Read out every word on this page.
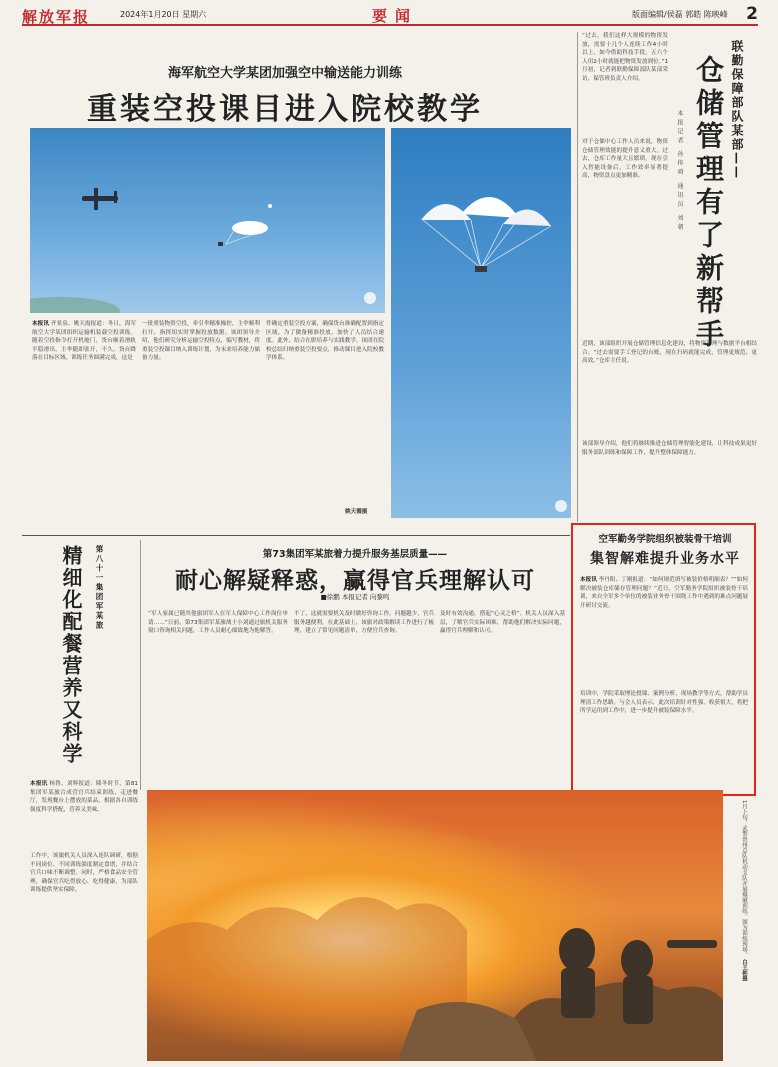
解放军报	2024年1月20日 星期六	要闻	版面编辑/侯磊 郭皓 陈映峰 2
海军航空大学某团加强空中输送能力训练
重装空投课目进入院校教学
本报讯 齐景泉、姚天霞报道：冬日，海军航空大学某团组织运输机装载空投训练。随着空投指令打开机舱门，货台顺着滑轨平稳滑出，主伞随即张开，不久，货台降落在目标区域。训练任务圆满完成，这是
一批重装物资空投，牵引伞精准操控，主伞顺利打开，指挥组实时掌握投放数据。该团领导介绍，他们研究分析运输空投特点，编写教材，将重装空投课目纳入训练计划，为未来培养能力储备力量。
件确定重装空投方案，确保货台准确配置到指定区域。为了做备精准投放，加快了人员结合速度。此外，结合在职培养与实践教学，该团在院校总结归纳重装空投要点，推动课目进入院校教学体系。
姚天霞摄
“过去，我们这样大规模的物资发放，需要十几个人连续工作4小时以上，如今借助科技手段，五六个人用2小时就能把物资发放到位。”1月初，记者到联勤保障部队某部采访，保管班负责人介绍。
对于仓储中心工作人员来说，物资仓储管理效能的提升意义重大。过去，仓库工作量大且繁琐，现在引入智能设备后，工作效率显著提高，物资盘点更加精准。	联勤保障部队某部——
仓储管理有了新帮手
本报记者 孙传舜 通讯员 刘朝
近期，该部组织开展仓储管理信息化建设，将物资管理与数据平台相结合。“过去需要手工登记的台账，现在扫码就能完成，管理更规范、更高效。”仓库主任说。
该部领导介绍，他们将继续推进仓储管理智能化建设，让科技成果更好服务部队训练和保障工作，提升整体保障能力。
空军勤务学院组织被装骨干培训
集智解难提升业务水平
本报讯 李丹阳、丁刚报道：“如何规范填写被装价格明细表？”“如何解决被装仓库储存管理问题？”近日，空军勤务学院组织被装骨干培训，来自全军多个单位的被装业务骨干围绕工作中遇到的难点问题展开研讨交流。
培训中，学院采取理论授课、案例分析、现场教学等方式，帮助学员理清工作思路。与会人员表示，此次培训针对性强，收获很大，将把所学运用到工作中，进一步提升被装保障水平。
第八十一集团军某旅
精细化配餐营养又科学
本报讯 杨鲁、刘辉报道：隆冬时节，第81集团军某旅合成营官兵结束训练，走进餐厅，发现餐台上摆放的菜品，根据各自训练强度科学搭配，营养又美味。
工作中，该旅机关人员深入连队调研，根据不同岗位、不同训练强度制定食谱，并结合官兵口味不断调整。同时，严格食品安全管理，确保官兵吃得放心、吃得健康，为部队训练提供坚实保障。
第73集团军某旅着力提升服务基层质量——
耐心解疑释惑，赢得官兵理解认可
■徐鹏 本报记者 向黎鸣
“军人家属已随其他旅团军人在军人保障中心工作岗位申请……”日前，第73集团军某旅战士小刘通过旅机关服务窗口咨询相关问题，工作人员耐心细致地为他解答。
不了，这就需要机关及时做好咨询工作。问题越少，官兵服务越便利。在此基础上，该旅对政策解读工作进行了梳理，建立了常见问题清单，方便官兵查询。
及时有效沟通，搭起“心灵之桥”。机关人员深入基层，了解官兵实际困难，帮助他们解决实际问题，赢得官兵理解和认可。
1月上旬，武警贵州总队机动支队开展爆破训练。图为训练现场。 白王彬摄
